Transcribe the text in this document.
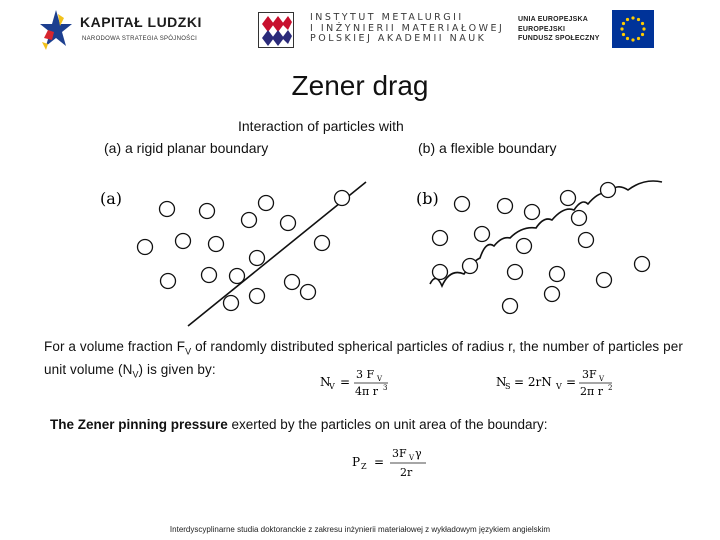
KAPITAŁ LUDZKI
NARODOWA STRATEGIA SPÓJNOŚCI
INSTYTUT METALURGII
I INŻYNIERII MATERIAŁOWEJ
POLSKIEJ AKADEMII NAUK
UNIA EUROPEJSKA
EUROPEJSKI
FUNDUSZ SPOŁECZNY
Zener drag
Interaction of particles with
(a) a rigid planar boundary	(b) a flexible boundary
(a)	(b)
For a volume fraction $F_V$ of randomly distributed spherical particles of radius r, the number of particles per unit volume $(N_V)$ is given by:
N
V =
3 F V
4π r 3	N
S = 2rN V =
3F V
2π r 2
The Zener pinning pressure exerted by the particles on unit area of the boundary:
P Z =
3F V γ
2r
Interdyscyplinarne studia doktoranckie z zakresu inżynierii materiałowej z wykładowym językiem angielskim
